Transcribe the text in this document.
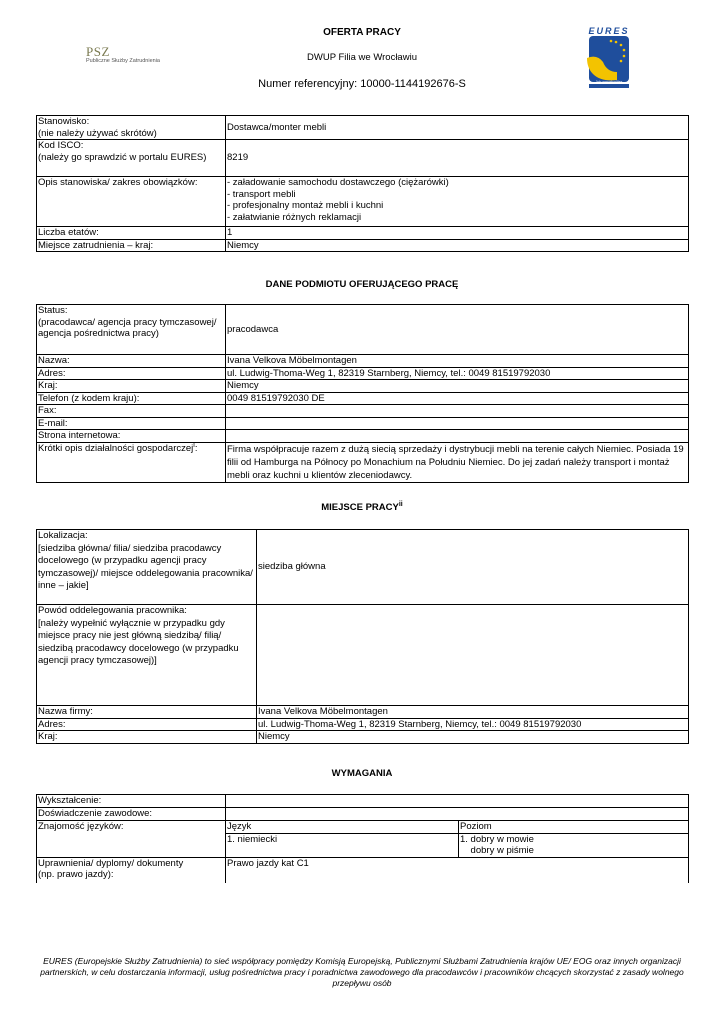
OFERTA PRACY
DWUP Filia we Wrocławiu
Numer referencyjny: 10000-1144192676-S
PSZ
Publiczne Służby Zatrudnienia
EURES
Job opportunities
Stanowisko:
(nie należy używać skrótów)	Dostawca/monter mebli
Kod ISCO:
(należy go sprawdzić w portalu EURES)	8219
Opis stanowiska/ zakres obowiązków:	- załadowanie samochodu dostawczego (ciężarówki)
- transport mebli
- profesjonalny montaż mebli i kuchni
- załatwianie różnych reklamacji
Liczba etatów:	1
Miejsce zatrudnienia – kraj:	Niemcy
DANE PODMIOTU OFERUJĄCEGO PRACĘ
Status:
(pracodawca/ agencja pracy tymczasowej/ agencja pośrednictwa pracy)	pracodawca
Nazwa:	Ivana Velkova Möbelmontagen
Adres:	ul. Ludwig-Thoma-Weg 1, 82319 Starnberg, Niemcy, tel.: 0049 81519792030
Kraj:	Niemcy
Telefon (z kodem kraju):	0049 81519792030 DE
Fax:	
E-mail:	
Strona internetowa:	
Krótki opis działalności gospodarczej$^i$:	Firma współpracuje razem z dużą siecią sprzedaży i dystrybucji mebli na terenie całych Niemiec. Posiada 19 filii od Hamburga na Północy po Monachium na Południu Niemiec. Do jej zadań należy transport i montaż mebli oraz kuchni u klientów zleceniodawcy.
MIEJSCE PRACY$^{ii}$
Lokalizacja:
[siedziba główna/ filia/ siedziba pracodawcy docelowego (w przypadku agencji pracy tymczasowej)/ miejsce oddelegowania pracownika/ inne – jakie]	siedziba główna
Powód oddelegowania pracownika:
[należy wypełnić wyłącznie w przypadku gdy miejsce pracy nie jest główną siedzibą/ filią/ siedzibą pracodawcy docelowego (w przypadku agencji pracy tymczasowej)]	
Nazwa firmy:	Ivana Velkova Möbelmontagen
Adres:	ul. Ludwig-Thoma-Weg 1, 82319 Starnberg, Niemcy, tel.: 0049 81519792030
Kraj:	Niemcy
WYMAGANIA
Wykształcenie:		
Doświadczenie zawodowe:		
Znajomość języków:	Język	Poziom
	1. niemiecki	1. dobry w mowie
dobry w piśmie
Uprawnienia/ dyplomy/ dokumenty
(np. prawo jazdy):	Prawo jazdy kat C1	
EURES (Europejskie Służby Zatrudnienia) to sieć współpracy pomiędzy Komisją Europejską, Publicznymi Służbami Zatrudnienia krajów UE/ EOG oraz innych organizacji partnerskich, w celu dostarczania informacji, usług pośrednictwa pracy i poradnictwa zawodowego dla pracodawców i pracowników chcących skorzystać z zasady wolnego przepływu osób
